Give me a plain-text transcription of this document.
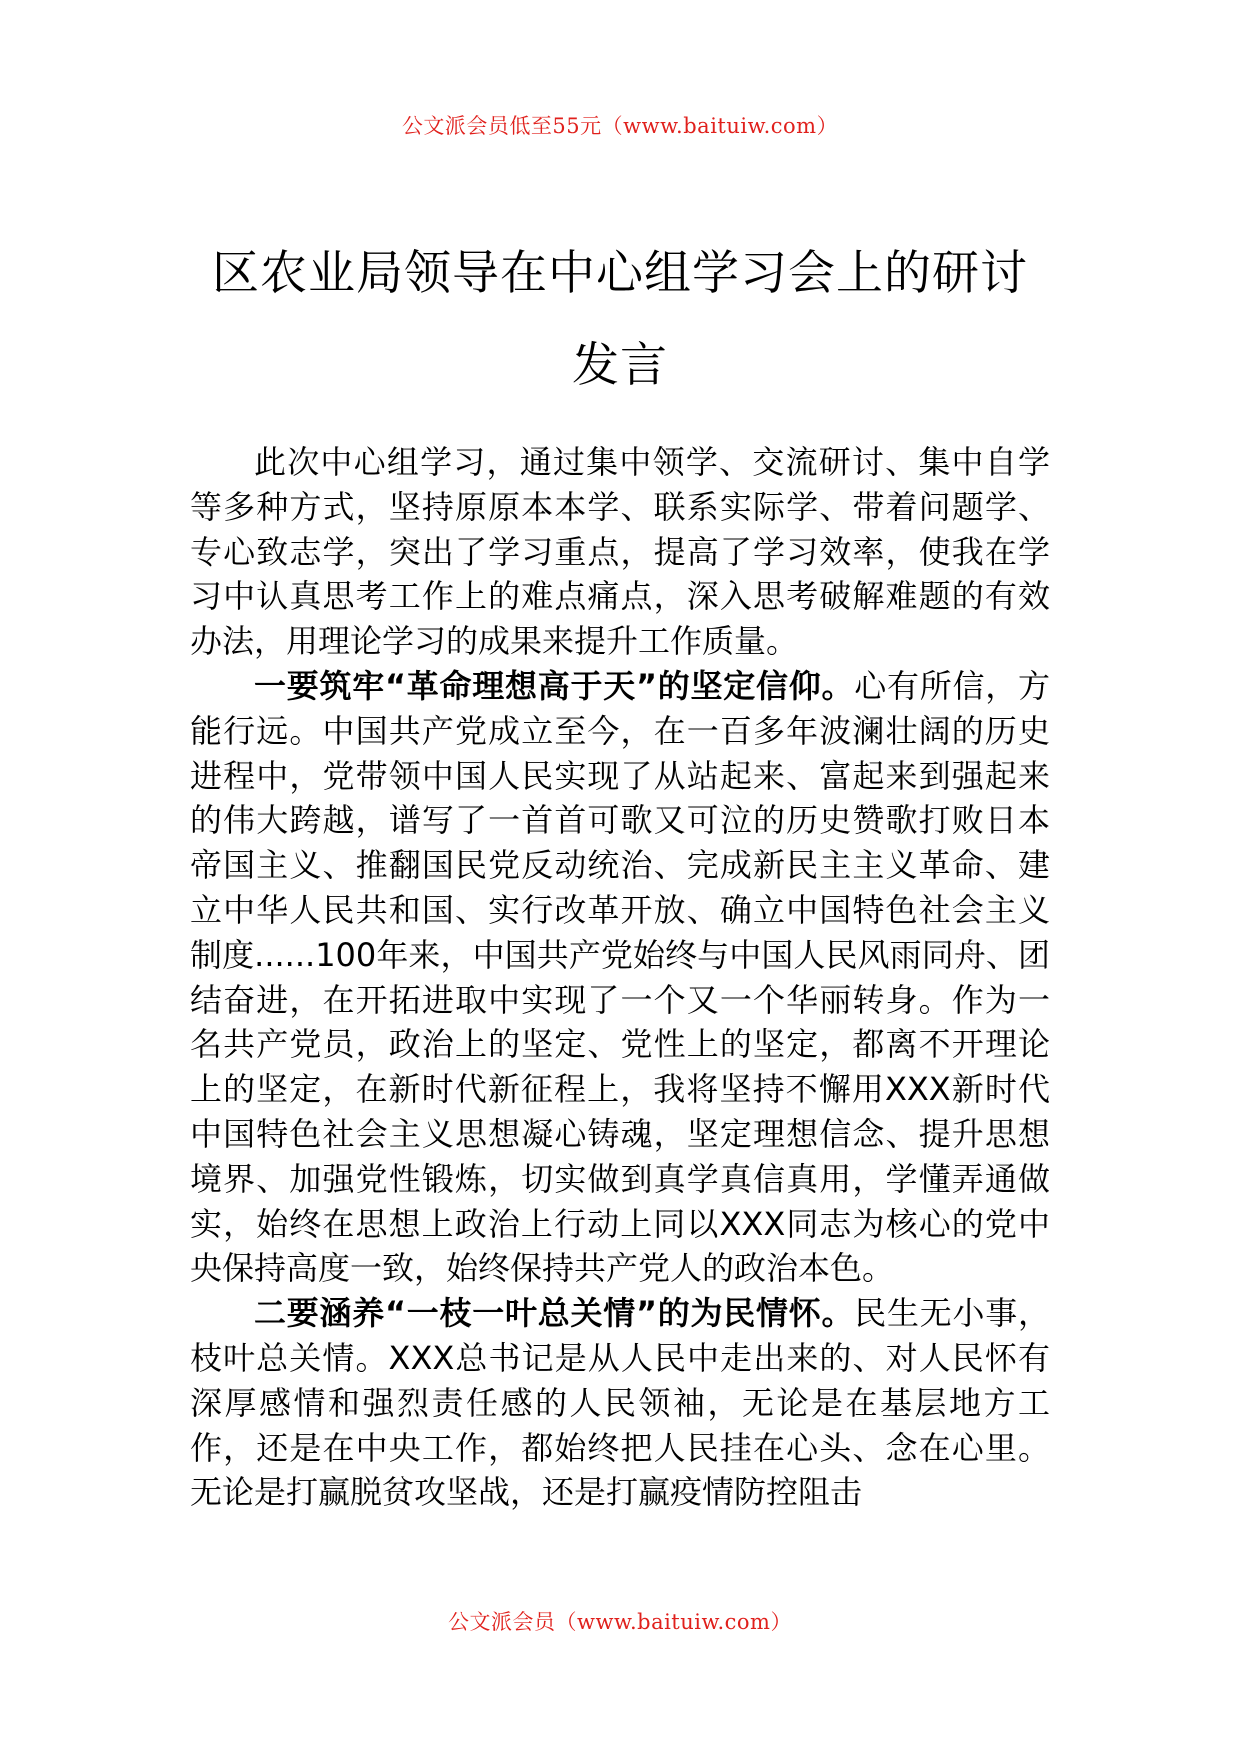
公文派会员低至55元（www.baituiw.com）
区农业局领导在中心组学习会上的研讨发言

此次中心组学习，通过集中领学、交流研讨、集中自学等多种方式，坚持原原本本学、联系实际学、带着问题学、专心致志学，突出了学习重点，提高了学习效率，使我在学习中认真思考工作上的难点痛点，深入思考破解难题的有效办法，用理论学习的成果来提升工作质量。

一要筑牢“革命理想高于天”的坚定信仰。心有所信，方能行远。中国共产党成立至今，在一百多年波澜壮阔的历史进程中，党带领中国人民实现了从站起来、富起来到强起来的伟大跨越，谱写了一首首可歌又可泣的历史赞歌打败日本帝国主义、推翻国民党反动统治、完成新民主主义革命、建立中华人民共和国、实行改革开放、确立中国特色社会主义制度......100年来，中国共产党始终与中国人民风雨同舟、团结奋进，在开拓进取中实现了一个又一个华丽转身。作为一名共产党员，政治上的坚定、党性上的坚定，都离不开理论上的坚定，在新时代新征程上，我将坚持不懈用XXX新时代中国特色社会主义思想凝心铸魂，坚定理想信念、提升思想境界、加强党性锻炼，切实做到真学真信真用，学懂弄通做实，始终在思想上政治上行动上同以XXX同志为核心的党中央保持高度一致，始终保持共产党人的政治本色。

二要涵养“一枝一叶总关情”的为民情怀。民生无小事，枝叶总关情。XXX总书记是从人民中走出来的、对人民怀有深厚感情和强烈责任感的人民领袖，无论是在基层地方工作，还是在中央工作，都始终把人民挂在心头、念在心里。无论是打赢脱贫攻坚战，还是打赢疫情防控阻击

公文派会员（www.baituiw.com）
